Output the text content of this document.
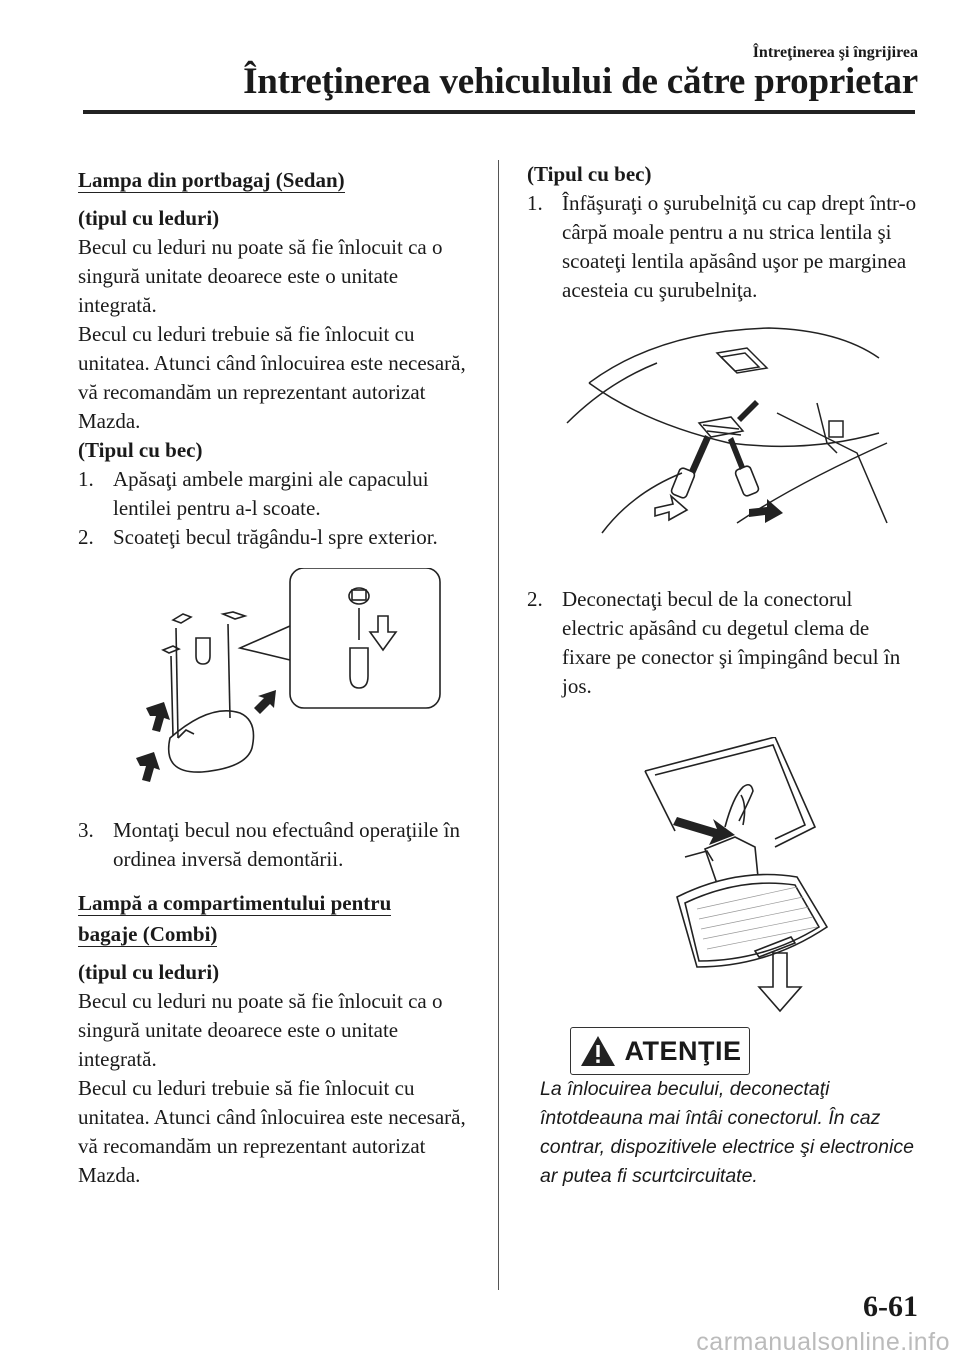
Întreţinerea şi îngrijirea
Întreţinerea vehiculului de către proprietar
Lampa din portbagaj (Sedan)

(tipul cu leduri)

Becul cu leduri nu poate să fie înlocuit ca o singură unitate deoarece este o unitate integrată.

Becul cu leduri trebuie să fie înlocuit cu unitatea. Atunci când înlocuirea este necesară, vă recomandăm un reprezentant autorizat Mazda.

(Tipul cu bec)

1. Apăsaţi ambele margini ale capacului lentilei pentru a-l scoate.
2. Scoateţi becul trăgându-l spre exterior.
3. Montaţi becul nou efectuând operaţiile în ordinea inversă demontării.
Lampă a compartimentului pentru
bagaje (Combi)

(tipul cu leduri)

Becul cu leduri nu poate să fie înlocuit ca o singură unitate deoarece este o unitate integrată.

Becul cu leduri trebuie să fie înlocuit cu unitatea. Atunci când înlocuirea este necesară, vă recomandăm un reprezentant autorizat Mazda.

(Tipul cu bec)

1. Înfăşuraţi o şurubelniţă cu cap drept într-o cârpă moale pentru a nu strica lentila şi scoateţi lentila apăsând uşor pe marginea acesteia cu şurubelniţa.
2. Deconectaţi becul de la conectorul electric apăsând cu degetul clema de fixare pe conector şi împingând becul în jos.
ATENŢIE

La înlocuirea becului, deconectaţi întotdeauna mai întâi conectorul. În caz contrar, dispozitivele electrice şi electronice ar putea fi scurtcircuitate.

6-61
carmanualsonline.info
